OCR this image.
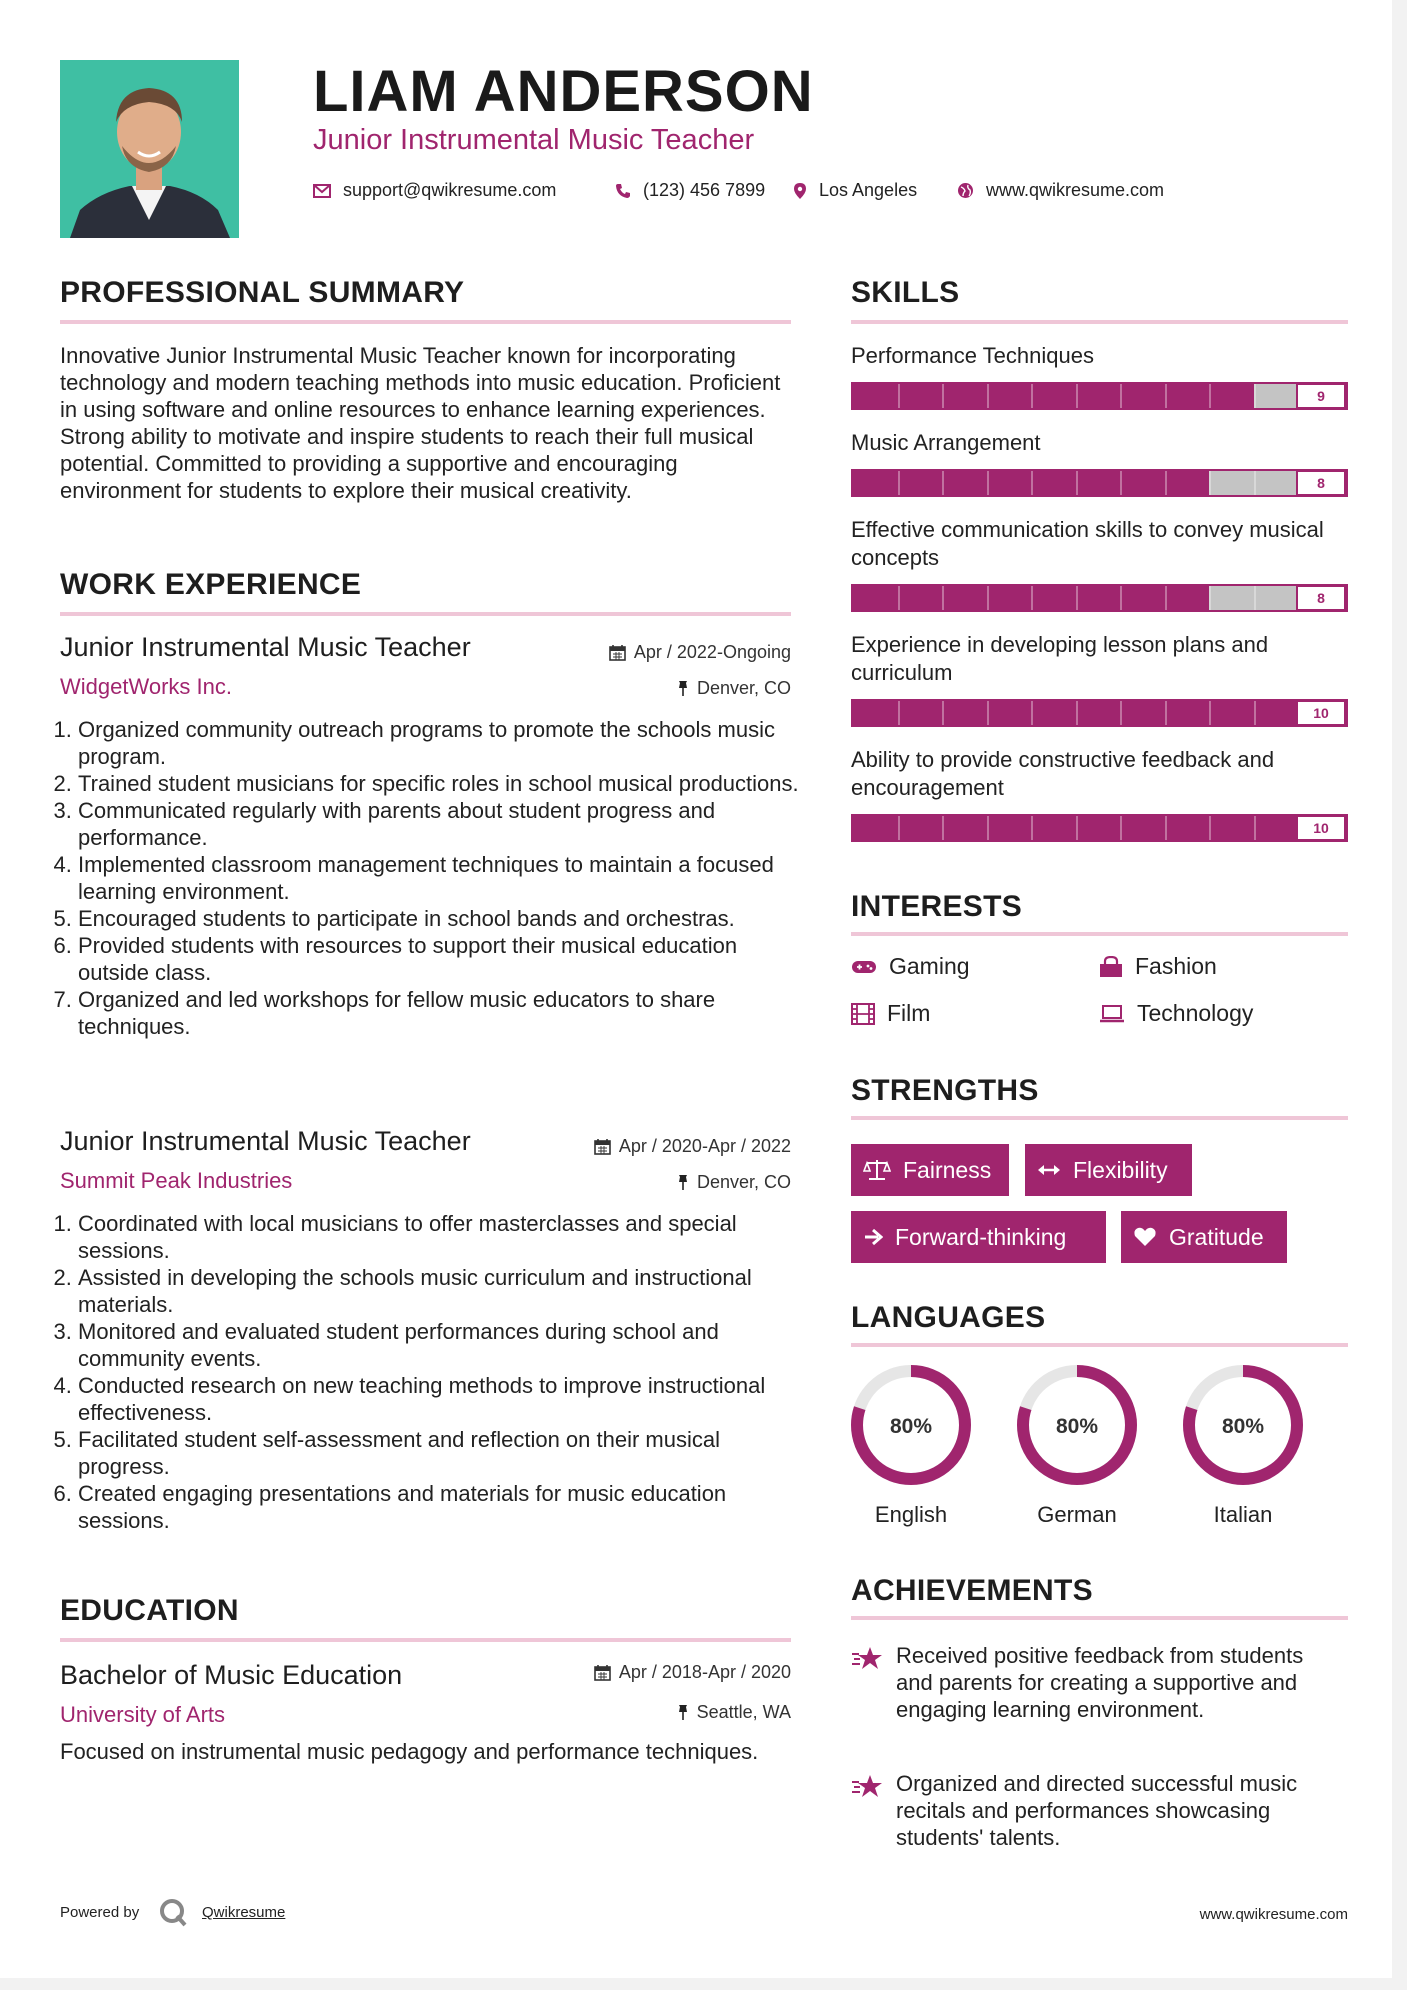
LIAM ANDERSON
Junior Instrumental Music Teacher
support@qwikresume.com	(123) 456 7899	Los Angeles	www.qwikresume.com
PROFESSIONAL SUMMARY
Innovative Junior Instrumental Music Teacher known for incorporating technology and modern teaching methods into music education. Proficient in using software and online resources to enhance learning experiences. Strong ability to motivate and inspire students to reach their full musical potential. Committed to providing a supportive and encouraging environment for students to explore their musical creativity.
WORK EXPERIENCE
Junior Instrumental Music Teacher	Apr / 2022-Ongoing
WidgetWorks Inc.	Denver, CO
1. Organized community outreach programs to promote the schools music program.
2. Trained student musicians for specific roles in school musical productions.
3. Communicated regularly with parents about student progress and performance.
4. Implemented classroom management techniques to maintain a focused learning environment.
5. Encouraged students to participate in school bands and orchestras.
6. Provided students with resources to support their musical education outside class.
7. Organized and led workshops for fellow music educators to share techniques.
Junior Instrumental Music Teacher	Apr / 2020-Apr / 2022
Summit Peak Industries	Denver, CO
1. Coordinated with local musicians to offer masterclasses and special sessions.
2. Assisted in developing the schools music curriculum and instructional materials.
3. Monitored and evaluated student performances during school and community events.
4. Conducted research on new teaching methods to improve instructional effectiveness.
5. Facilitated student self-assessment and reflection on their musical progress.
6. Created engaging presentations and materials for music education sessions.
EDUCATION
Bachelor of Music Education	Apr / 2018-Apr / 2020
University of Arts	Seattle, WA
Focused on instrumental music pedagogy and performance techniques.
SKILLS
Performance Techniques
9
Music Arrangement
8
Effective communication skills to convey musical concepts
8
Experience in developing lesson plans and curriculum
10
Ability to provide constructive feedback and encouragement
10
INTERESTS
Gaming	Fashion
Film	Technology
STRENGTHS
Fairness	Flexibility
Forward-thinking	Gratitude
LANGUAGES
80%
English
80%
German
80%
Italian
ACHIEVEMENTS
Received positive feedback from students and parents for creating a supportive and engaging learning environment.
Organized and directed successful music recitals and performances showcasing students' talents.
Powered by	Qwikresume	www.qwikresume.com
